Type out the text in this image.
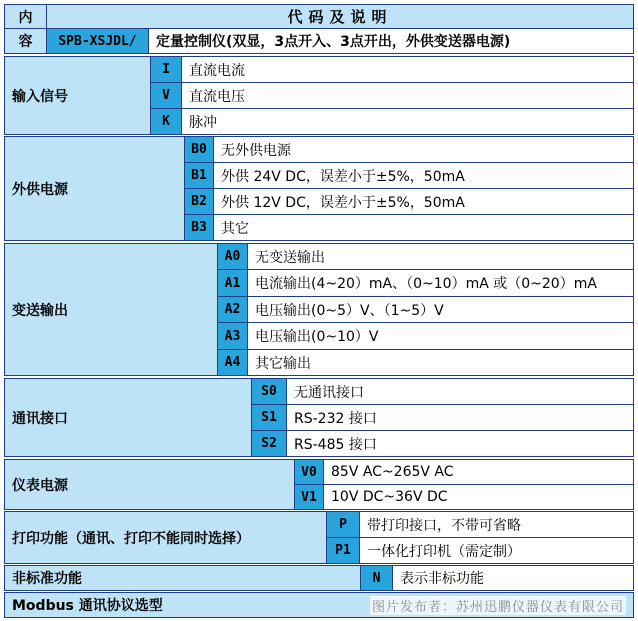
内	代码及说明
容 SPB-XSJDL/ 定量控制仪(双显，3点开入、3点开出，外供变送器电源)
输入信号
I 直流电流
V 直流电压
K 脉冲
外供电源
B0 无外供电源
B1 外供 24V DC，误差小于±5%，50mA
B2 外供 12V DC，误差小于±5%，50mA
B3 其它
变送输出
A0 无变送输出
A1 电流输出(4~20）mA、（0~10）mA 或（0~20）mA
A2 电压输出(0~5）V、（1~5）V
A3 电压输出(0~10）V
A4 其它输出
通讯接口
S0 无通讯接口
S1 RS-232 接口
S2 RS-485 接口
仪表电源
V0 85V AC~265V AC
V1 10V DC~36V DC
打印功能（通讯、打印不能同时选择）
P 带打印接口，不带可省略
P1 一体化打印机（需定制）
非标准功能	N 表示非标功能
Modbus 通讯协议选型	图片发布者：苏州迅鹏仪器仪表有限公司
